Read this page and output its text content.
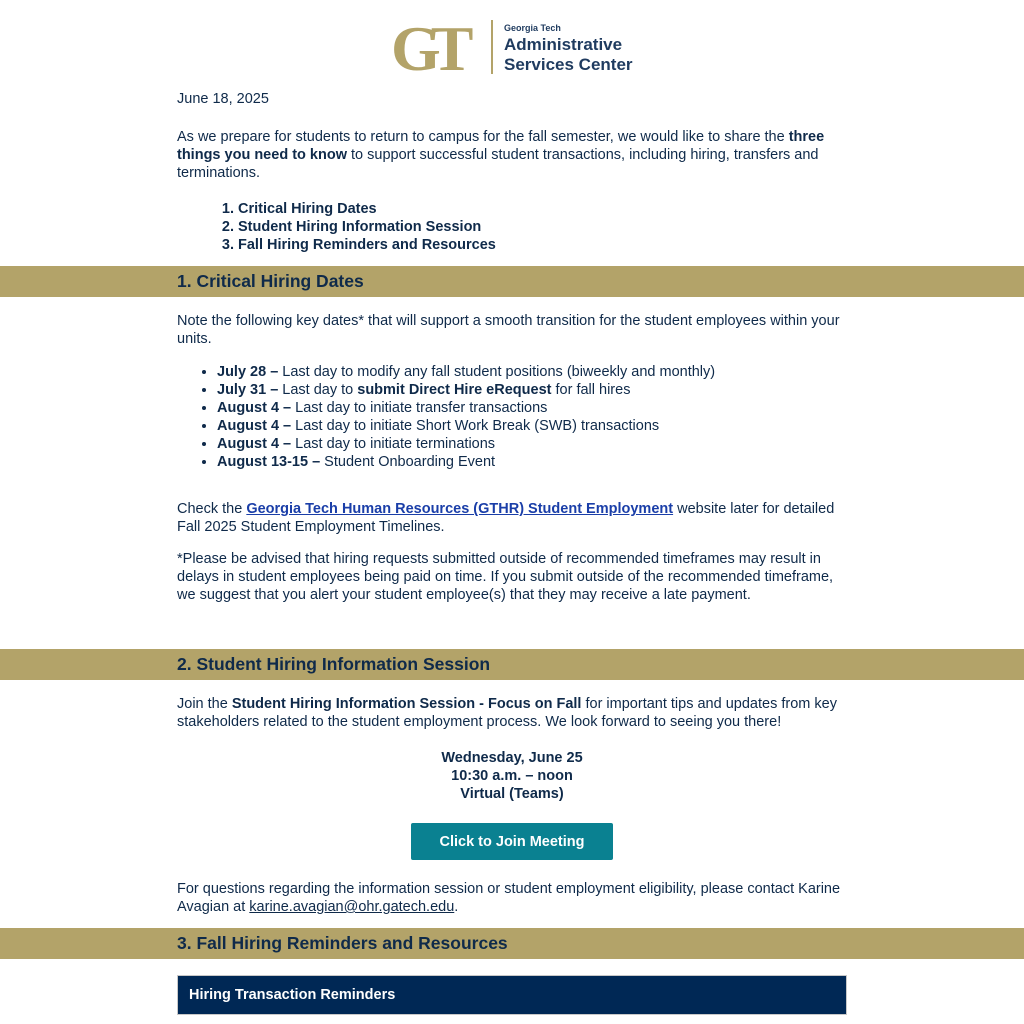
GT	Georgia Tech
Administrative
Services Center

June 18, 2025

As we prepare for students to return to campus for the fall semester, we would like to share the three things you need to know to support successful student transactions, including hiring, transfers and terminations.

1. Critical Hiring Dates
2. Student Hiring Information Session
3. Fall Hiring Reminders and Resources
1. Critical Hiring Dates

Note the following key dates* that will support a smooth transition for the student employees within your units.

• July 28 – Last day to modify any fall student positions (biweekly and monthly)
• July 31 – Last day to submit Direct Hire eRequest for fall hires
• August 4 – Last day to initiate transfer transactions
• August 4 – Last day to initiate Short Work Break (SWB) transactions
• August 4 – Last day to initiate terminations
• August 13-15 – Student Onboarding Event

Check the Georgia Tech Human Resources (GTHR) Student Employment website later for detailed Fall 2025 Student Employment Timelines.

*Please be advised that hiring requests submitted outside of recommended timeframes may result in delays in student employees being paid on time. If you submit outside of the recommended timeframe, we suggest that you alert your student employee(s) that they may receive a late payment.

2. Student Hiring Information Session

Join the Student Hiring Information Session - Focus on Fall for important tips and updates from key stakeholders related to the student employment process. We look forward to seeing you there!

Wednesday, June 25
10:30 a.m. – noon
Virtual (Teams)
Click to Join Meeting

For questions regarding the information session or student employment eligibility, please contact Karine Avagian at karine.avagian@ohr.gatech.edu.

3. Fall Hiring Reminders and Resources
Hiring Transaction Reminders
